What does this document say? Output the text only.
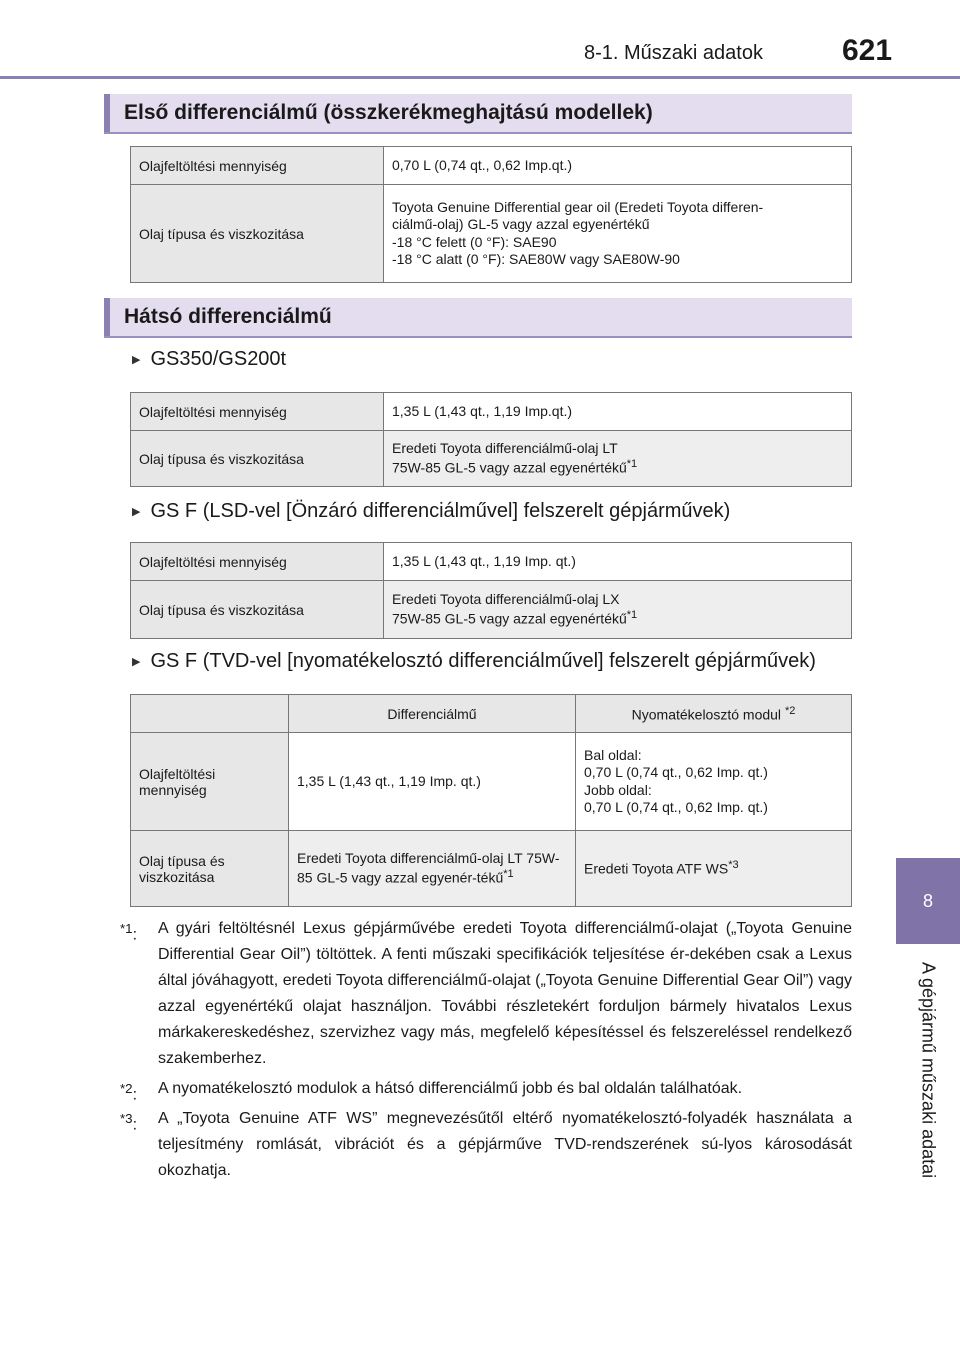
8-1. Műszaki adatok	621
8
A gépjármű műszaki adatai
Első differenciálmű (összkerékmeghajtású modellek)
Olajfeltöltési mennyiség	0,70 L (0,74 qt., 0,62 Imp.qt.)
Olaj típusa és viszkozitása	Toyota Genuine Differential gear oil (Eredeti Toyota differen-
ciálmű-olaj) GL-5 vagy azzal egyenértékű
-18 °C felett (0 °F): SAE90
-18 °C alatt (0 °F): SAE80W vagy SAE80W-90
Hátsó differenciálmű
▶ GS350/GS200t
Olajfeltöltési mennyiség	1,35 L (1,43 qt., 1,19 Imp.qt.)
Olaj típusa és viszkozitása	Eredeti Toyota differenciálmű-olaj LT
75W-85 GL-5 vagy azzal egyenértékű$^{*1}$
▶ GS F (LSD-vel [Önzáró differenciálművel] felszerelt gépjárművek)
Olajfeltöltési mennyiség	1,35 L (1,43 qt., 1,19 Imp. qt.)
Olaj típusa és viszkozitása	Eredeti Toyota differenciálmű-olaj LX
75W-85 GL-5 vagy azzal egyenértékű$^{*1}$
▶ GS F (TVD-vel [nyomatékelosztó differenciálművel] felszerelt gépjárművek)
	Differenciálmű	Nyomatékelosztó modul $^{*2}$
Olajfeltöltési mennyiség	1,35 L (1,43 qt., 1,19 Imp. qt.)	Bal oldal:
0,70 L (0,74 qt., 0,62 Imp. qt.)
Jobb oldal:
0,70 L (0,74 qt., 0,62 Imp. qt.)

Olaj típusa és viszkozitása	Eredeti Toyota differenciálmű-olaj LT 75W-85 GL-5 vagy azzal egyenér-tékű$^{*1}$	Eredeti Toyota ATF WS$^{*3}$
$^{*1}$: A gyári feltöltésnél Lexus gépjárművébe eredeti Toyota differenciálmű-olajat („Toyota Genuine Differential Gear Oil”) töltöttek. A fenti műszaki specifikációk teljesítése ér-dekében csak a Lexus által jóváhagyott, eredeti Toyota differenciálmű-olajat („Toyota Genuine Differential Gear Oil”) vagy azzal egyenértékű olajat használjon. További részletekért forduljon bármely hivatalos Lexus márkakereskedéshez, szervizhez vagy más, megfelelő képesítéssel és felszereléssel rendelkező szakemberhez.
$^{*2}$: A nyomatékelosztó modulok a hátsó differenciálmű jobb és bal oldalán találhatóak.
$^{*3}$: A „Toyota Genuine ATF WS” megnevezésűtől eltérő nyomatékelosztó-folyadék használata a teljesítmény romlását, vibrációt és a gépjárműve TVD-rendszerének sú-lyos károsodását okozhatja.
